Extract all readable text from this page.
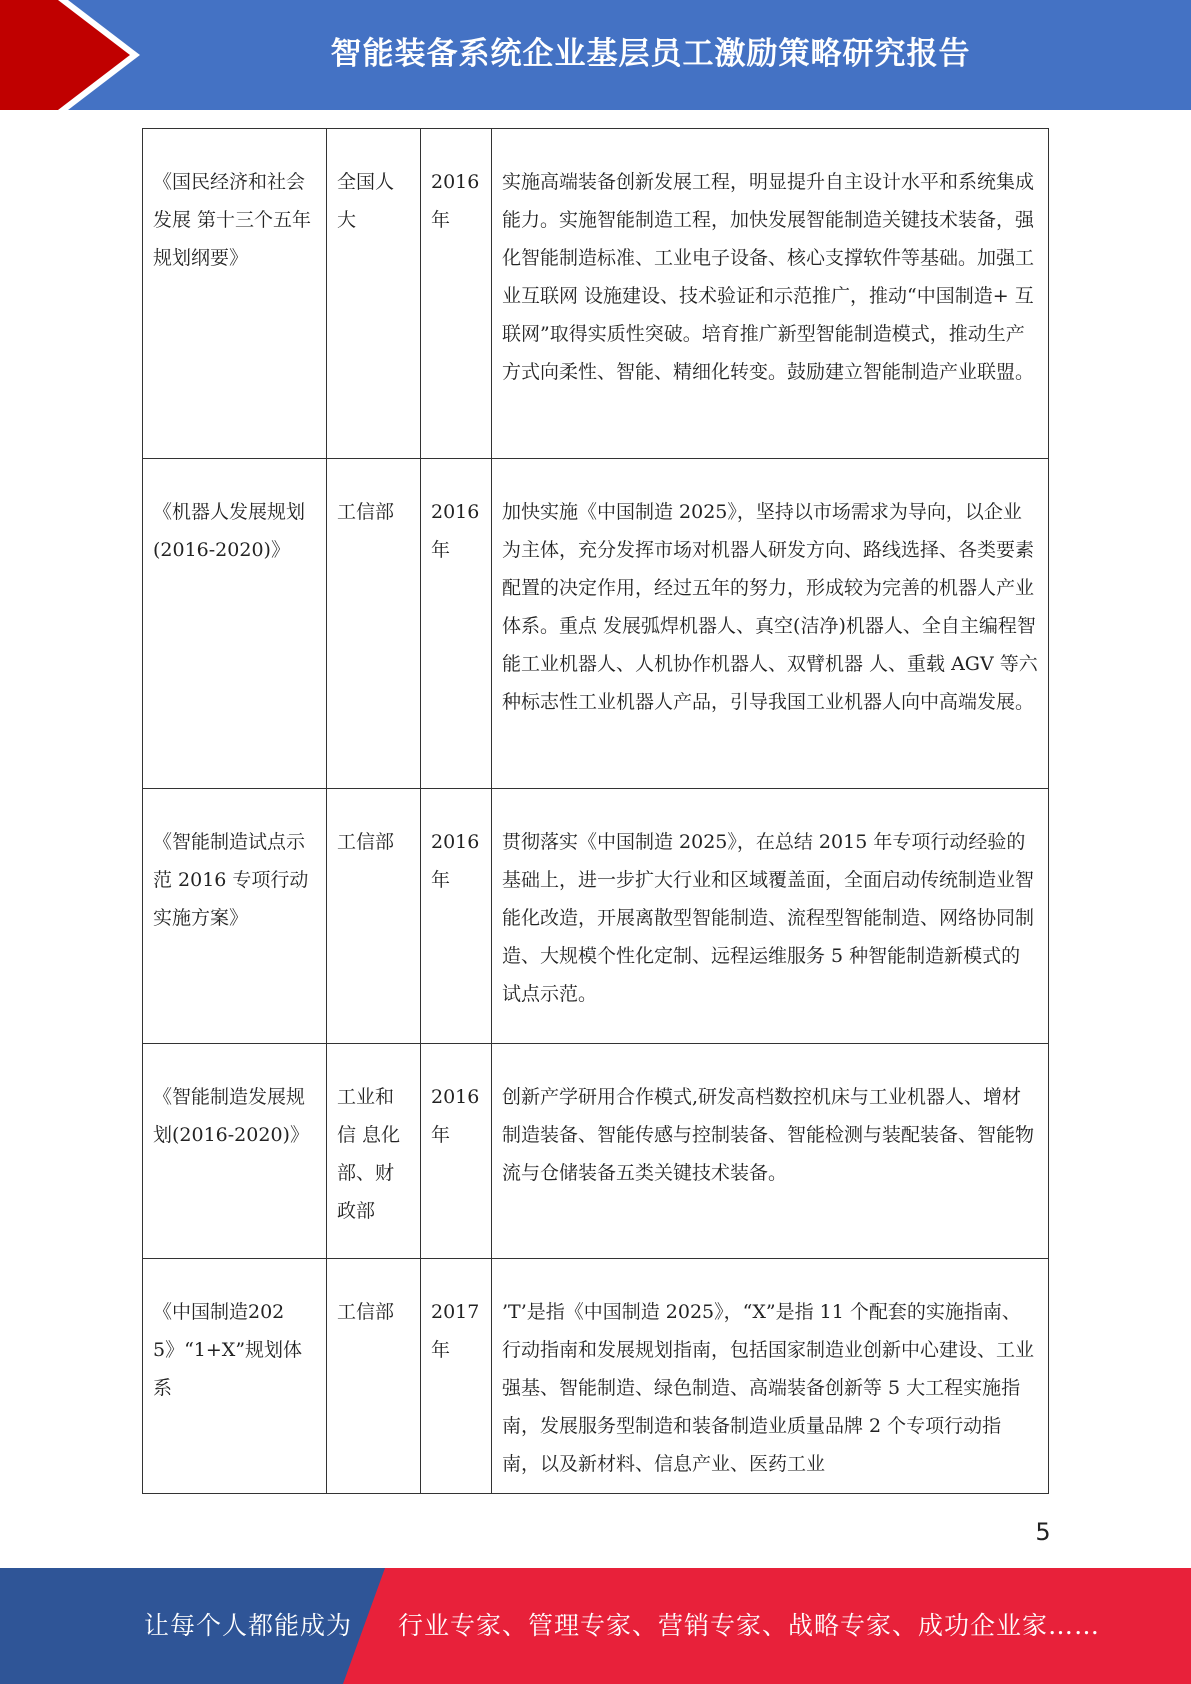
智能装备系统企业基层员工激励策略研究报告
《国民经济和社会发展 第十三个五年规划纲要》	全国人大	2016年	实施高端装备创新发展工程，明显提升自主设计水平和系统集成能力。实施智能制造工程，加快发展智能制造关键技术装备，强化智能制造标准、工业电子设备、核心支撑软件等基础。加强工业互联网 设施建设、技术验证和示范推广，推动“中国制造+ 互联网”取得实质性突破。培育推广新型智能制造模式，推动生产方式向柔性、智能、精细化转变。鼓励建立智能制造产业联盟。
《机器人发展规划(2016-2020)》	工信部	2016年	加快实施《中国制造 2025》，坚持以市场需求为导向，以企业为主体，充分发挥市场对机器人研发方向、路线选择、各类要素配置的决定作用，经过五年的努力，形成较为完善的机器人产业体系。重点 发展弧焊机器人、真空(洁净)机器人、全自主编程智能工业机器人、人机协作机器人、双臂机器 人、重载 AGV 等六种标志性工业机器人产品，引导我国工业机器人向中高端发展。
《智能制造试点示范 2016 专项行动实施方案》	工信部	2016年	贯彻落实《中国制造 2025》，在总结 2015 年专项行动经验的基础上，进一步扩大行业和区域覆盖面，全面启动传统制造业智能化改造，开展离散型智能制造、流程型智能制造、网络协同制造、大规模个性化定制、远程运维服务 5 种智能制造新模式的试点示范。
《智能制造发展规划(2016-2020)》	工业和信 息化部、财政部	2016年	创新产学研用合作模式,研发高档数控机床与工业机器人、增材制造装备、智能传感与控制装备、智能检测与装配装备、智能物流与仓储装备五类关键技术装备。
《中国制造2025》“1+X”规划体系	工信部	2017年	’T’是指《中国制造 2025》，“X”是指 11 个配套的实施指南、行动指南和发展规划指南，包括国家制造业创新中心建设、工业强基、智能制造、绿色制造、高端装备创新等 5 大工程实施指南，发展服务型制造和装备制造业质量品牌 2 个专项行动指南，以及新材料、信息产业、医药工业
5
让每个人都能成为 行业专家、管理专家、营销专家、战略专家、成功企业家……
